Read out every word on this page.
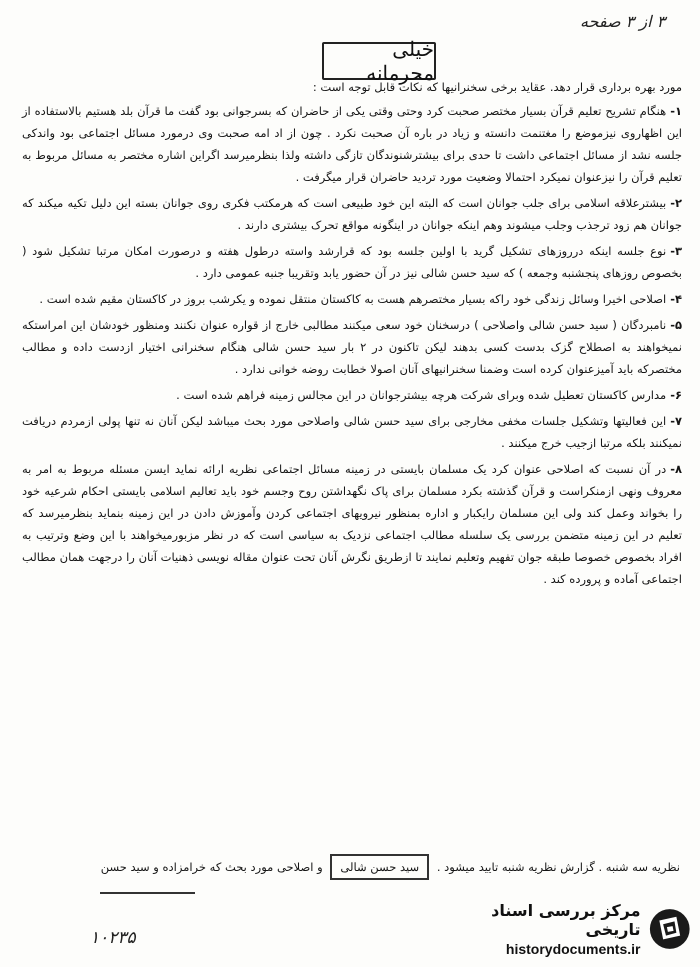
۳ از ۳ صفحه
خیلی محرمانه

مورد بهره برداری قرار دهد. عقاید برخی سخنرانیها که نکات قابل توجه است :

۱-هنگام تشریح تعلیم قرآن بسیار مختصر صحبت کرد وحتی وقتی یکی از حاضران که بسرجوانی بود گفت ما قرآن بلد هستیم بالاستفاده از این اظهاروی نیزموضع را مغتنمت دانسته و زیاد در باره آن صحبت نکرد . چون از اد امه صحبت وی درمورد مسائل اجتماعی بود واندکی جلسه نشد از مسائل اجتماعی داشت تا حدی برای بیشترشنوندگان تازگی داشته ولذا بنظرمیرسد اگراین اشاره مختصر به مسائل مربوط به تعلیم قرآن را نیزعنوان نمیکرد احتمالا وضعیت مورد تردید حاضران قرار میگرفت .

۲-بیشترعلاقه اسلامی برای جلب جوانان است که البته این خود طبیعی است که هرمکتب فکری روی جوانان بسته این دلیل تکیه میکند که جوانان هم زود ترجذب وجلب میشوند وهم اینکه جوانان در اینگونه مواقع تحرک بیشتری دارند .

۳-نوع جلسه اینکه درروزهای تشکیل گرید با اولین جلسه بود که قرارشد واسته درطول هفته و درصورت امکان مرتبا تشکیل شود ( بخصوص روزهای پنجشنبه وجمعه ) که سید حسن شالی نیز در آن حضور یابد وتقریبا جنبه عمومی دارد .

۴-اصلاحی اخیرا وسائل زندگی خود راکه بسیار مختصرهم هست به کاکستان منتقل نموده و یکرشب بروز در کاکستان مقیم شده است .

۵-نامبردگان ( سید حسن شالی واصلاحی ) درسخنان خود سعی میکنند مطالبی خارج از قواره عنوان نکنند ومنظور خودشان این امراستکه نمیخواهند به اصطلاح گزک بدست کسی بدهند لیکن تاکنون در ۲ بار سید حسن شالی هنگام سخنرانی اختیار ازدست داده و مطالب مختصرکه باید آمیزعنوان کرده است وضمنا سخنرانیهای آنان اصولا خطابت روضه خوانی ندارد .

۶-مدارس کاکستان تعطیل شده وبرای شرکت هرچه بیشترجوانان در این مجالس زمینه فراهم شده است .

۷-این فعالیتها وتشکیل جلسات مخفی مخارجی برای سید حسن شالی واصلاحی مورد بحث میباشد لیکن آنان نه تنها پولی ازمردم دریافت نمیکنند بلکه مرتبا ازجیب خرج میکنند .

۸-در آن نسبت که اصلاحی عنوان کرد یک مسلمان بایستی در زمینه مسائل اجتماعی نظریه ارائه نماید ایسن مسئله مربوط به امر به معروف ونهی ازمنکراست و قرآن گذشته بکرد مسلمان برای پاک نگهداشتن روح وجسم خود باید تعالیم اسلامی بایستی احکام شرعیه خود را بخواند وعمل کند ولی این مسلمان رایکبار و اداره بمنظور نیرویهای اجتماعی کردن وآموزش دادن در این زمینه بنماید بنظرمیرسد که تعلیم در این زمینه متضمن بررسی یک سلسله مطالب اجتماعی نزدیک به سیاسی است که در نظر مزبورمیخواهند با این وضع وترتیب به افراد بخصوص خصوصا طبقه جوان تفهیم وتعلیم نمایند تا ازطریق نگرش آنان تحت عنوان مقاله نویسی ذهنیات آنان را درجهت همان مطالب اجتماعی آماده و پرورده کند .

نظریه سه شنبه . گزارش نظریه شنبه تایید میشود . سید حسن شالی و اصلاحی مورد بحث که خرامزاده و سید حسن
۱۰۲۳۵
مرکز بررسی اسناد تاریخی
historydocuments.ir
